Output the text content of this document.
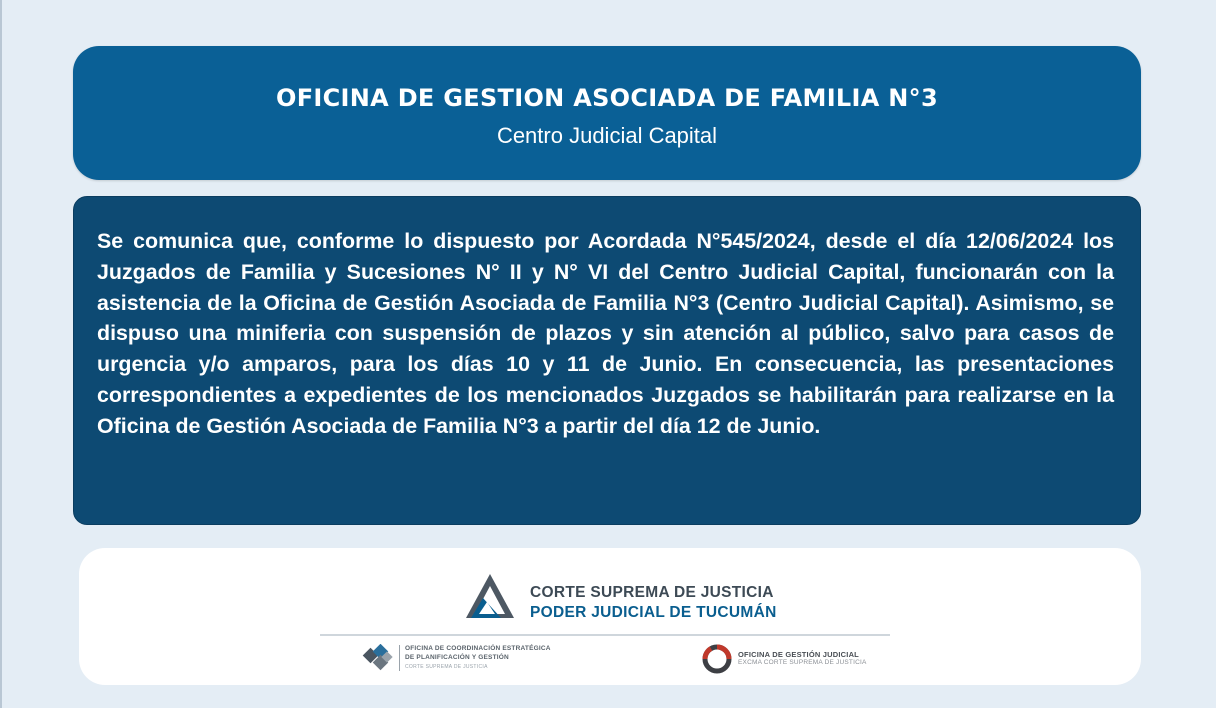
OFICINA DE GESTION ASOCIADA DE FAMILIA N°3
Centro Judicial Capital
Se comunica que, conforme lo dispuesto por Acordada N°545/2024, desde el día 12/06/2024 los Juzgados de Familia y Sucesiones N° II y N° VI del Centro Judicial Capital, funcionarán con la asistencia de la Oficina de Gestión Asociada de Familia N°3 (Centro Judicial Capital). Asimismo, se dispuso una miniferia con suspensión de plazos y sin atención al público, salvo para casos de urgencia y/o amparos, para los días 10 y 11 de Junio. En consecuencia, las presentaciones correspondientes a expedientes de los mencionados Juzgados se habilitarán para realizarse en la Oficina de Gestión Asociada de Familia N°3 a partir del día 12 de Junio.
CORTE SUPREMA DE JUSTICIA
PODER JUDICIAL DE TUCUMÁN
OFICINA DE COORDINACIÓN ESTRATÉGICA
DE PLANIFICACIÓN Y GESTIÓN
CORTE SUPREMA DE JUSTICIA
OFICINA DE GESTIÓN JUDICIAL
EXCMA CORTE SUPREMA DE JUSTICIA
